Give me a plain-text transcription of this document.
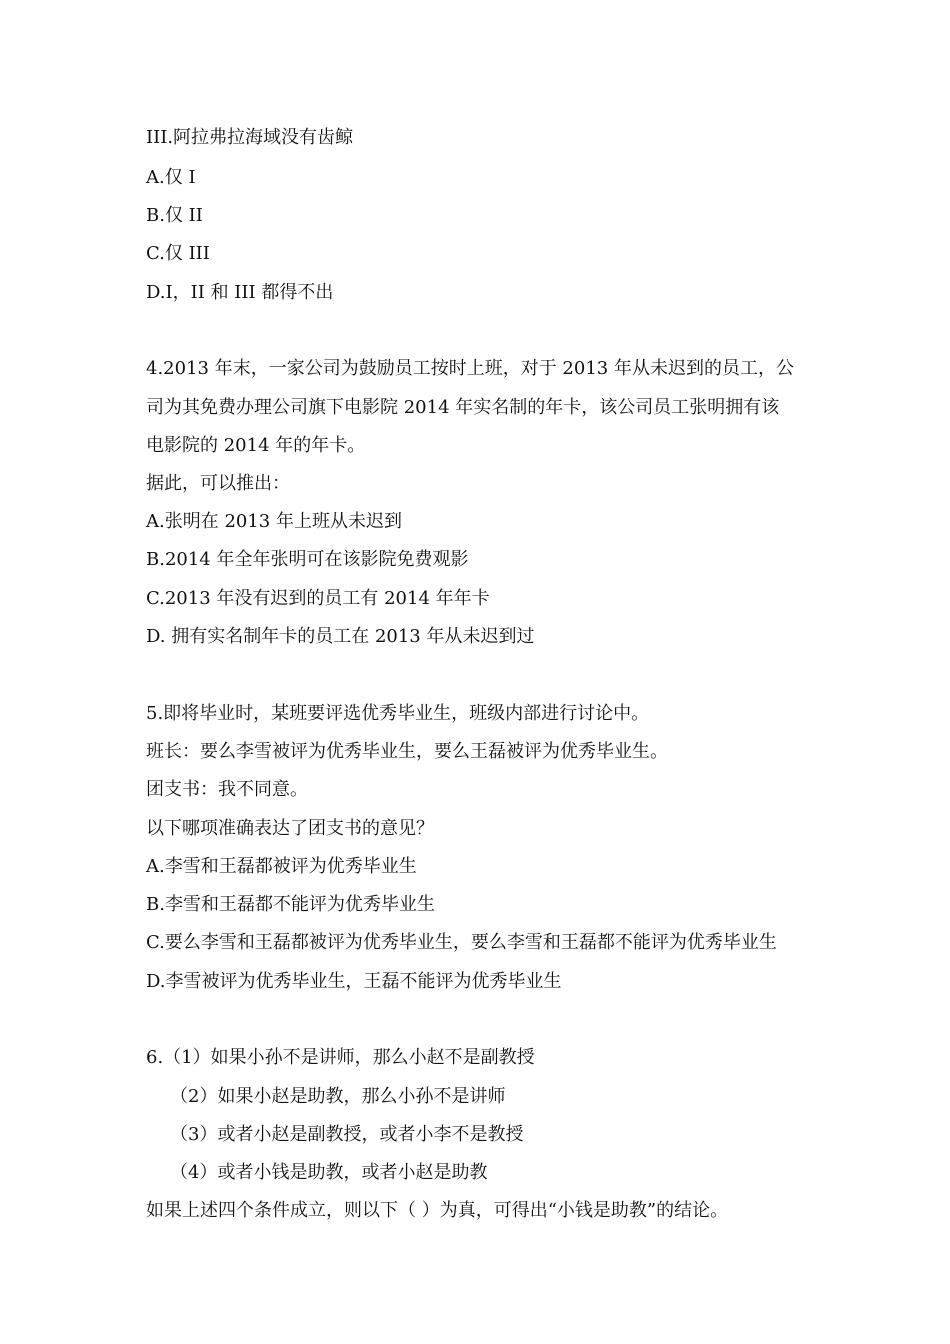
III.阿拉弗拉海域没有齿鲸
A.仅 I
B.仅 II
C.仅 III
D.I，II 和 III 都得不出
4.2013 年末，一家公司为鼓励员工按时上班，对于 2013 年从未迟到的员工，公
司为其免费办理公司旗下电影院 2014 年实名制的年卡，该公司员工张明拥有该
电影院的 2014 年的年卡。
据此，可以推出：
A.张明在 2013 年上班从未迟到
B.2014 年全年张明可在该影院免费观影
C.2013 年没有迟到的员工有 2014 年年卡
D. 拥有实名制年卡的员工在 2013 年从未迟到过
5.即将毕业时，某班要评选优秀毕业生，班级内部进行讨论中。
班长：要么李雪被评为优秀毕业生，要么王磊被评为优秀毕业生。
团支书：我不同意。
以下哪项准确表达了团支书的意见？
A.李雪和王磊都被评为优秀毕业生
B.李雪和王磊都不能评为优秀毕业生
C.要么李雪和王磊都被评为优秀毕业生，要么李雪和王磊都不能评为优秀毕业生
D.李雪被评为优秀毕业生，王磊不能评为优秀毕业生
6.（1）如果小孙不是讲师，那么小赵不是副教授
（2）如果小赵是助教，那么小孙不是讲师
（3）或者小赵是副教授，或者小李不是教授
（4）或者小钱是助教，或者小赵是助教
如果上述四个条件成立，则以下（ ）为真，可得出“小钱是助教”的结论。
